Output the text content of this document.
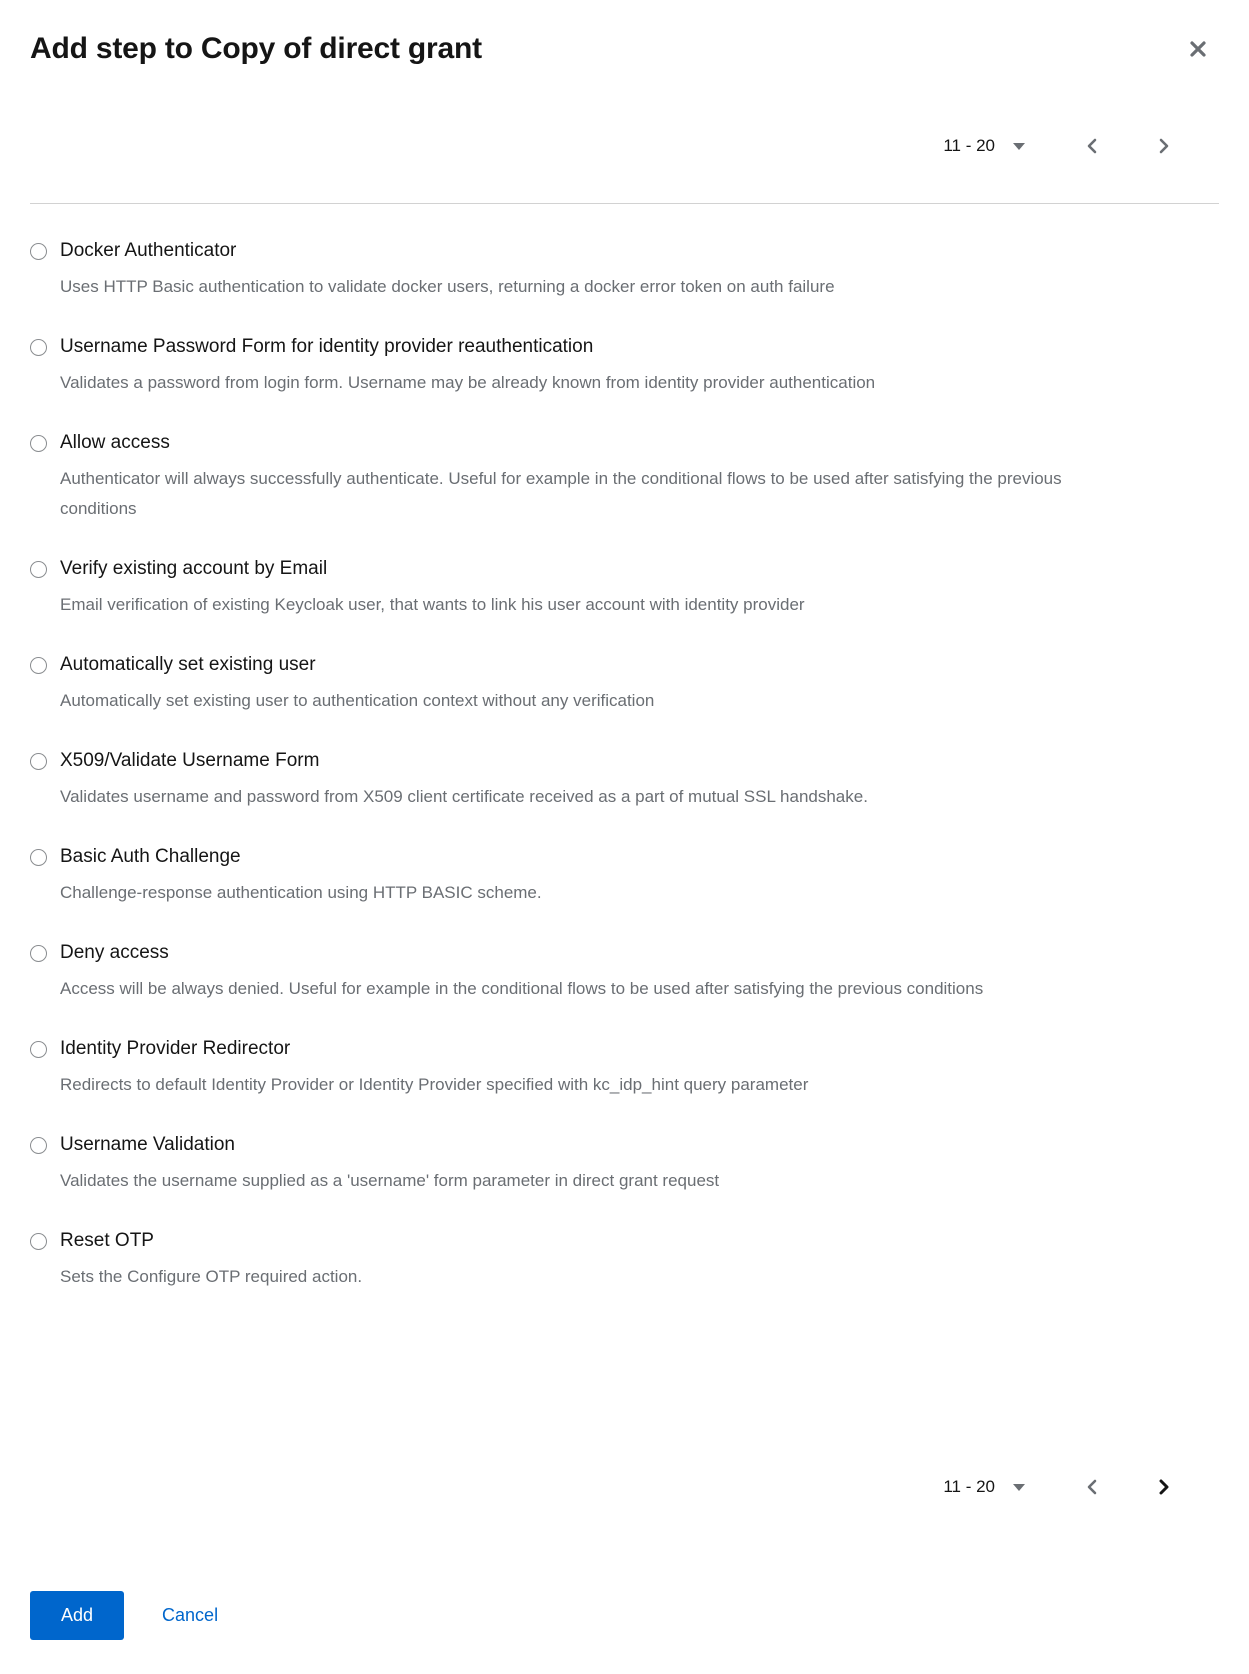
Add step to Copy of direct grant
11 - 20
Docker Authenticator

Uses HTTP Basic authentication to validate docker users, returning a docker error token on auth failure

Username Password Form for identity provider reauthentication

Validates a password from login form. Username may be already known from identity provider authentication

Allow access

Authenticator will always successfully authenticate. Useful for example in the conditional flows to be used after satisfying the previous conditions

Verify existing account by Email

Email verification of existing Keycloak user, that wants to link his user account with identity provider

Automatically set existing user

Automatically set existing user to authentication context without any verification

X509/Validate Username Form

Validates username and password from X509 client certificate received as a part of mutual SSL handshake.

Basic Auth Challenge

Challenge-response authentication using HTTP BASIC scheme.

Deny access

Access will be always denied. Useful for example in the conditional flows to be used after satisfying the previous conditions

Identity Provider Redirector

Redirects to default Identity Provider or Identity Provider specified with kc_idp_hint query parameter

Username Validation

Validates the username supplied as a 'username' form parameter in direct grant request

Reset OTP

Sets the Configure OTP required action.

11 - 20
Add	Cancel
